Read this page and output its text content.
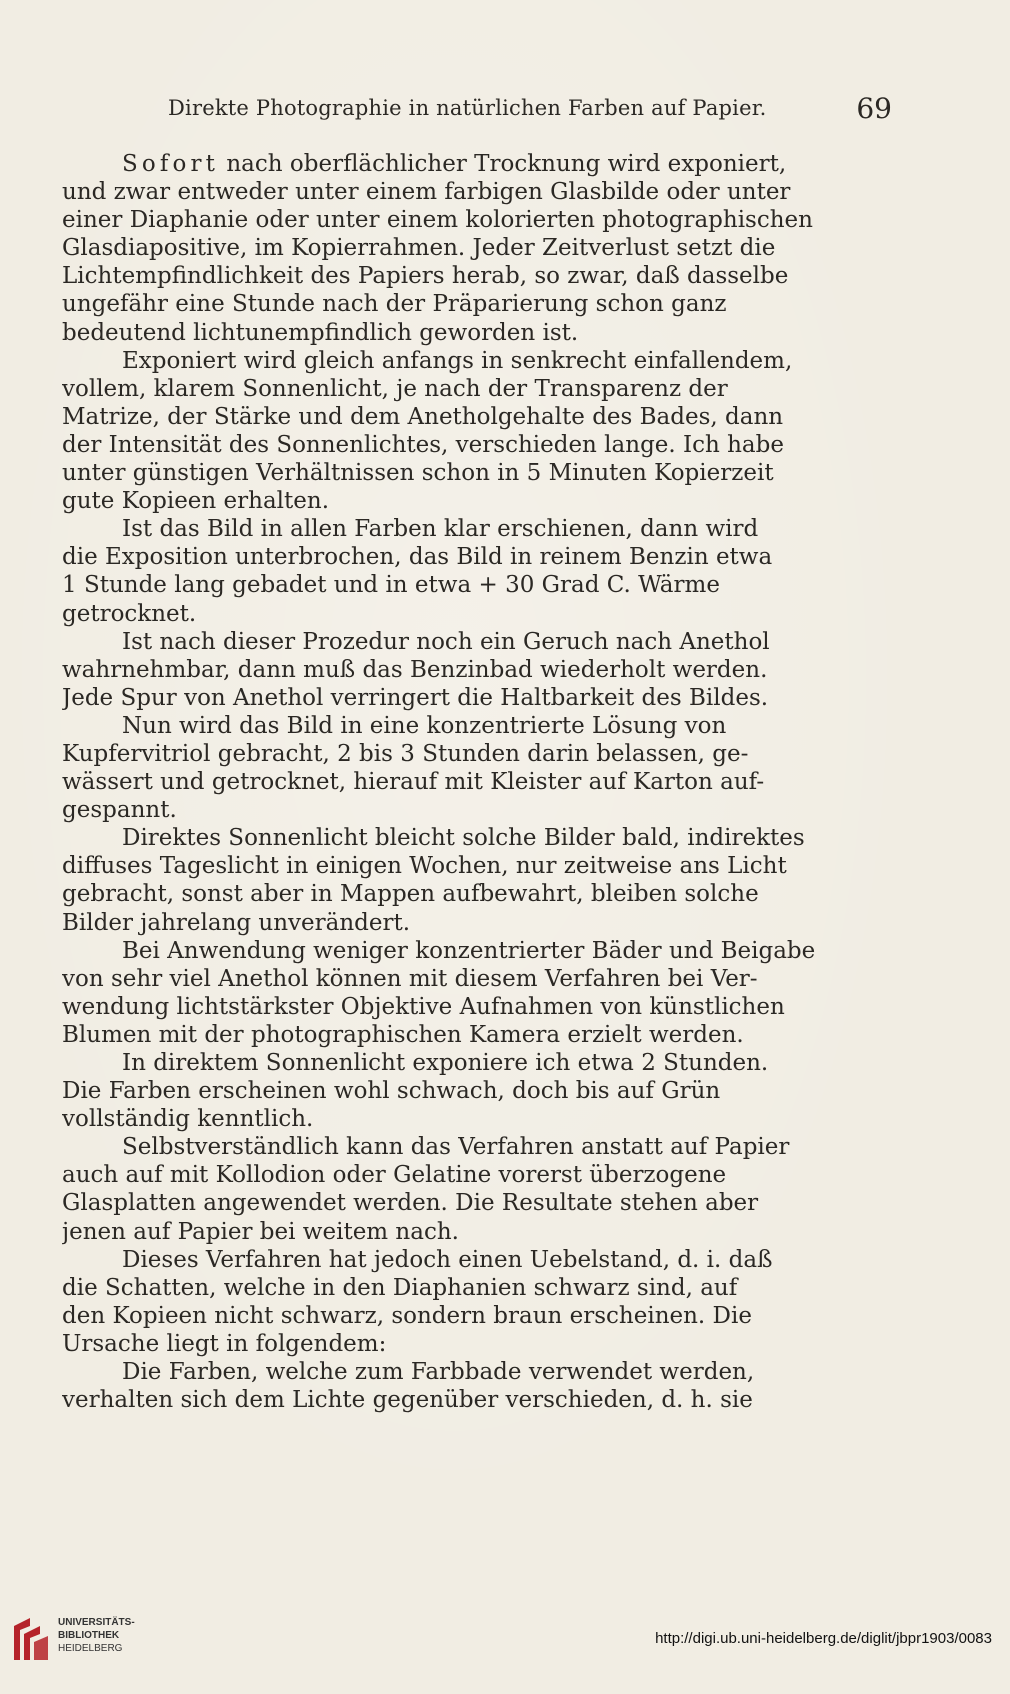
Direkte Photographie in natürlichen Farben auf Papier.	69
Sofort nach oberflächlicher Trocknung wird exponiert,
und zwar entweder unter einem farbigen Glasbilde oder unter
einer Diaphanie oder unter einem kolorierten photographischen
Glasdiapositive, im Kopierrahmen. Jeder Zeitverlust setzt die
Lichtempfindlichkeit des Papiers herab, so zwar, daß dasselbe
ungefähr eine Stunde nach der Präparierung schon ganz
bedeutend lichtunempfindlich geworden ist.
Exponiert wird gleich anfangs in senkrecht einfallendem,
vollem, klarem Sonnenlicht, je nach der Transparenz der
Matrize, der Stärke und dem Anetholgehalte des Bades, dann
der Intensität des Sonnenlichtes, verschieden lange. Ich habe
unter günstigen Verhältnissen schon in 5 Minuten Kopierzeit
gute Kopieen erhalten.
Ist das Bild in allen Farben klar erschienen, dann wird
die Exposition unterbrochen, das Bild in reinem Benzin etwa
1 Stunde lang gebadet und in etwa + 30 Grad C. Wärme
getrocknet.
Ist nach dieser Prozedur noch ein Geruch nach Anethol
wahrnehmbar, dann muß das Benzinbad wiederholt werden.
Jede Spur von Anethol verringert die Haltbarkeit des Bildes.
Nun wird das Bild in eine konzentrierte Lösung von
Kupfervitriol gebracht, 2 bis 3 Stunden darin belassen, ge-
wässert und getrocknet, hierauf mit Kleister auf Karton auf-
gespannt.
Direktes Sonnenlicht bleicht solche Bilder bald, indirektes
diffuses Tageslicht in einigen Wochen, nur zeitweise ans Licht
gebracht, sonst aber in Mappen aufbewahrt, bleiben solche
Bilder jahrelang unverändert.
Bei Anwendung weniger konzentrierter Bäder und Beigabe
von sehr viel Anethol können mit diesem Verfahren bei Ver-
wendung lichtstärkster Objektive Aufnahmen von künstlichen
Blumen mit der photographischen Kamera erzielt werden.
In direktem Sonnenlicht exponiere ich etwa 2 Stunden.
Die Farben erscheinen wohl schwach, doch bis auf Grün
vollständig kenntlich.
Selbstverständlich kann das Verfahren anstatt auf Papier
auch auf mit Kollodion oder Gelatine vorerst überzogene
Glasplatten angewendet werden. Die Resultate stehen aber
jenen auf Papier bei weitem nach.
Dieses Verfahren hat jedoch einen Uebelstand, d. i. daß
die Schatten, welche in den Diaphanien schwarz sind, auf
den Kopieen nicht schwarz, sondern braun erscheinen. Die
Ursache liegt in folgendem:
Die Farben, welche zum Farbbade verwendet werden,
verhalten sich dem Lichte gegenüber verschieden, d. h. sie
UNIVERSITÄTS-
BIBLIOTHEK
HEIDELBERG
http://digi.ub.uni-heidelberg.de/diglit/jbpr1903/0083
